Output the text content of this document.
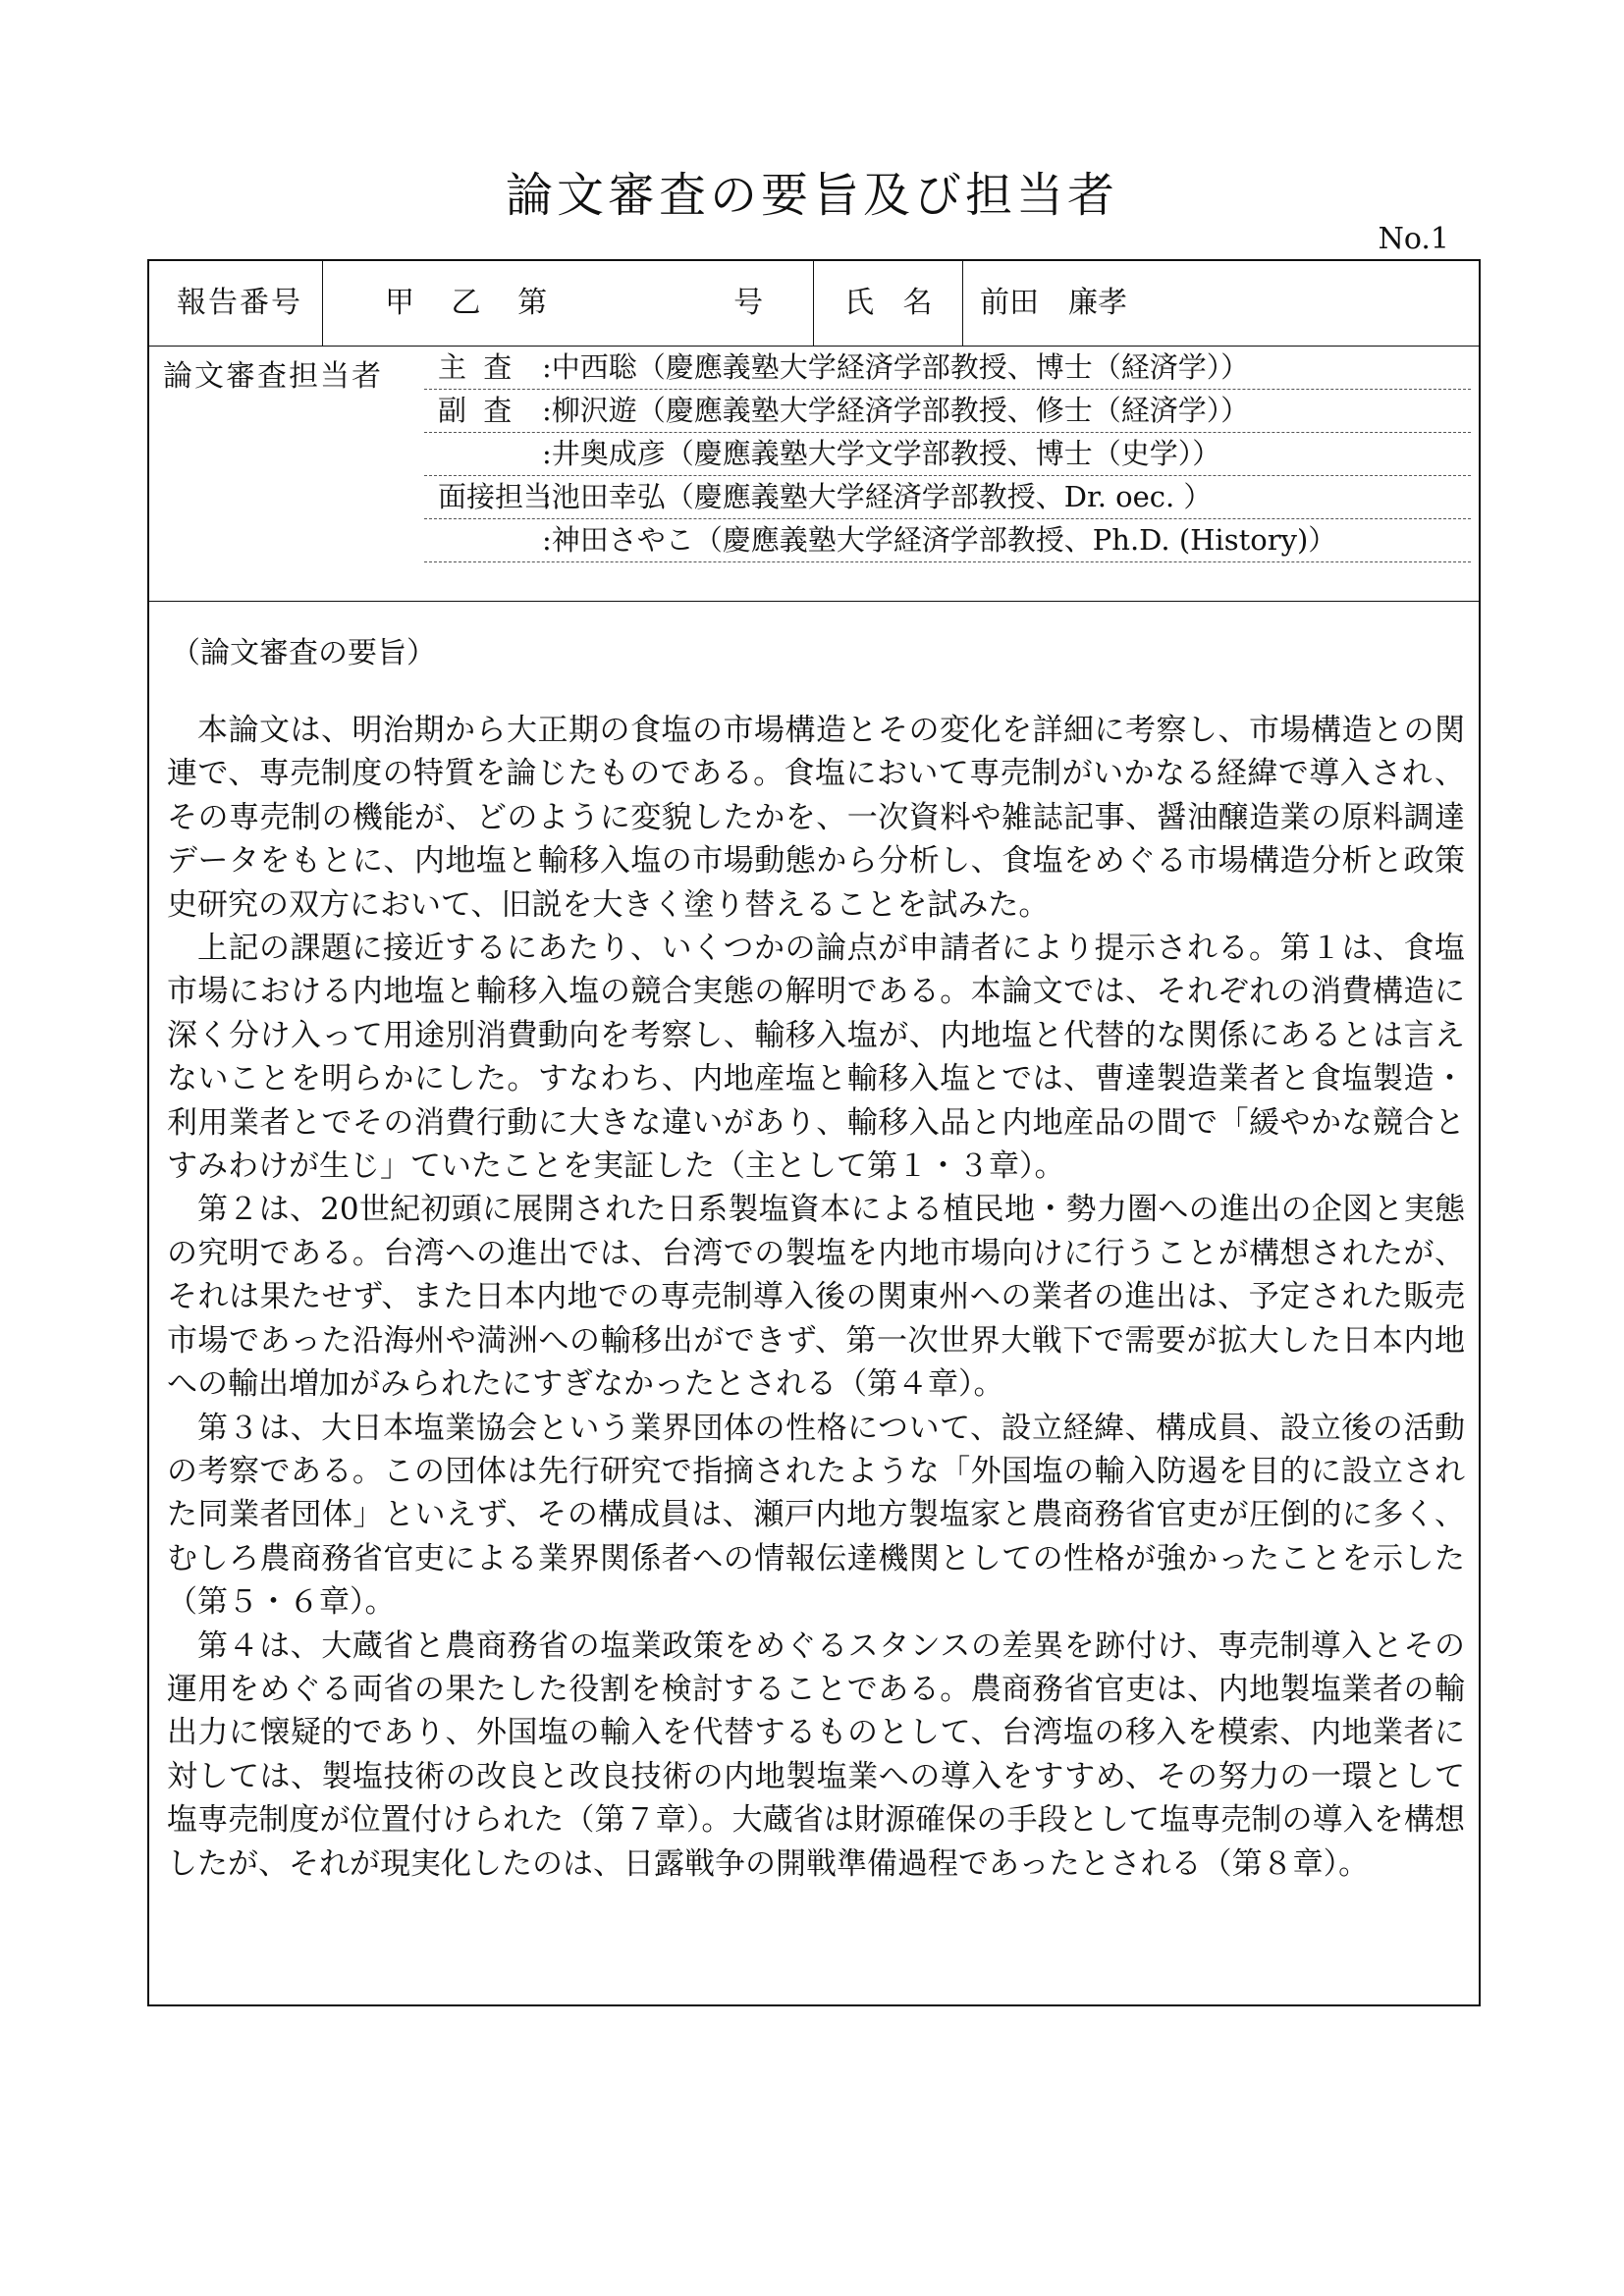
論文審査の要旨及び担当者
No.1
報告番号	甲 乙 第　　　　号 氏 名 前田　廉孝
論文審査担当者 主 査 :中西聡（慶應義塾大学経済学部教授、博士（経済学））
副 査 :柳沢遊（慶應義塾大学経済学部教授、修士（経済学））
:井奥成彦（慶應義塾大学文学部教授、博士（史学））
面接担当
:池田幸弘（慶應義塾大学経済学部教授、Dr. oec. ）
:神田さやこ（慶應義塾大学経済学部教授、Ph.D. (History)）
（論文審査の要旨）

本論文は、明治期から大正期の食塩の市場構造とその変化を詳細に考察し、市場構造との関連で、専売制度の特質を論じたものである。食塩において専売制がいかなる経緯で導入され、その専売制の機能が、どのように変貌したかを、一次資料や雑誌記事、醤油醸造業の原料調達データをもとに、内地塩と輸移入塩の市場動態から分析し、食塩をめぐる市場構造分析と政策史研究の双方において、旧説を大きく塗り替えることを試みた。

上記の課題に接近するにあたり、いくつかの論点が申請者により提示される。第１は、食塩市場における内地塩と輸移入塩の競合実態の解明である。本論文では、それぞれの消費構造に深く分け入って用途別消費動向を考察し、輸移入塩が、内地塩と代替的な関係にあるとは言えないことを明らかにした。すなわち、内地産塩と輸移入塩とでは、曹達製造業者と食塩製造・利用業者とでその消費行動に大きな違いがあり、輸移入品と内地産品の間で「緩やかな競合とすみわけが生じ」ていたことを実証した（主として第１・３章）。

第２は、20世紀初頭に展開された日系製塩資本による植民地・勢力圏への進出の企図と実態の究明である。台湾への進出では、台湾での製塩を内地市場向けに行うことが構想されたが、それは果たせず、また日本内地での専売制導入後の関東州への業者の進出は、予定された販売市場であった沿海州や満洲への輸移出ができず、第一次世界大戦下で需要が拡大した日本内地への輸出増加がみられたにすぎなかったとされる（第４章）。

第３は、大日本塩業協会という業界団体の性格について、設立経緯、構成員、設立後の活動の考察である。この団体は先行研究で指摘されたような「外国塩の輸入防遏を目的に設立された同業者団体」といえず、その構成員は、瀬戸内地方製塩家と農商務省官吏が圧倒的に多く、むしろ農商務省官吏による業界関係者への情報伝達機関としての性格が強かったことを示した（第５・６章）。

第４は、大蔵省と農商務省の塩業政策をめぐるスタンスの差異を跡付け、専売制導入とその運用をめぐる両省の果たした役割を検討することである。農商務省官吏は、内地製塩業者の輸出力に懐疑的であり、外国塩の輸入を代替するものとして、台湾塩の移入を模索、内地業者に対しては、製塩技術の改良と改良技術の内地製塩業への導入をすすめ、その努力の一環として塩専売制度が位置付けられた（第７章）。大蔵省は財源確保の手段として塩専売制の導入を構想したが、それが現実化したのは、日露戦争の開戦準備過程であったとされる（第８章）。
